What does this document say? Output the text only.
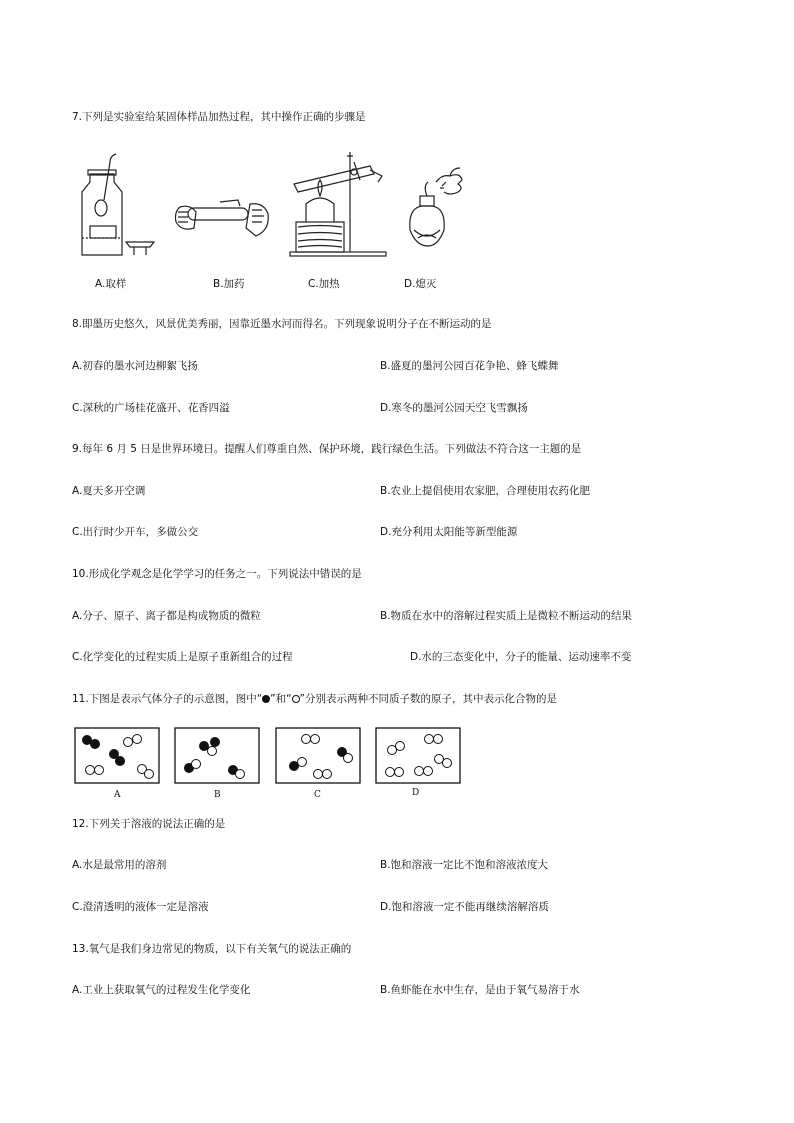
7.下列是实验室给某固体样品加热过程，其中操作正确的步骤是
A.取样	B.加药	C.加热	D.熄灭
8.即墨历史悠久，风景优美秀丽，因靠近墨水河而得名。下列现象说明分子在不断运动的是
A.初春的墨水河边柳絮飞扬	B.盛夏的墨河公园百花争艳、蜂飞蝶舞
C.深秋的广场桂花盛开、花香四溢	D.寒冬的墨河公园天空飞雪飘扬
9.每年 6 月 5 日是世界环境日。提醒人们尊重自然、保护环境，践行绿色生活。下列做法不符合这一主题的是
A.夏天多开空调	B.农业上提倡使用农家肥，合理使用农药化肥
C.出行时少开车，多做公交	D.充分利用太阳能等新型能源
10.形成化学观念是化学学习的任务之一。下列说法中错误的是
A.分子、原子、离子都是构成物质的微粒	B.物质在水中的溶解过程实质上是微粒不断运动的结果
C.化学变化的过程实质上是原子重新组合的过程	D.水的三态变化中，分子的能量、运动速率不变
11.下图是表示气体分子的示意图，图中“ ”和“ ”分别表示两种不同质子数的原子，其中表示化合物的是
A	B	C	D
12.下列关于溶液的说法正确的是
A.水是最常用的溶剂	B.饱和溶液一定比不饱和溶液浓度大
C.澄清透明的液体一定是溶液	D.饱和溶液一定不能再继续溶解溶质
13.氧气是我们身边常见的物质，以下有关氧气的说法正确的
A.工业上获取氧气的过程发生化学变化	B.鱼虾能在水中生存，是由于氧气易溶于水
